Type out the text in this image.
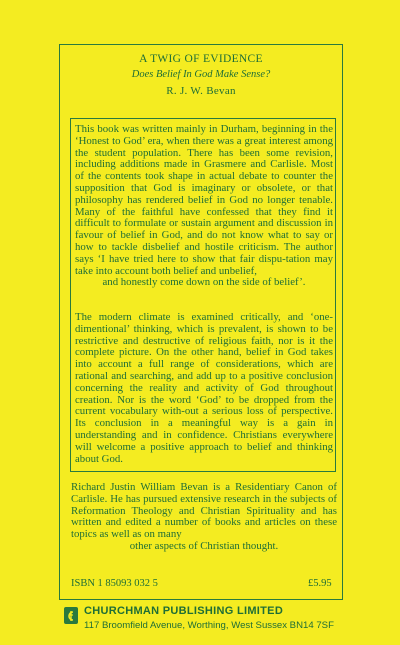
A TWIG OF EVIDENCE
Does Belief In God Make Sense?
R. J. W. Bevan

This book was written mainly in Durham, beginning in the ‘Honest to God’ era, when there was a great interest among the student population. There has been some revision, including additions made in Grasmere and Carlisle. Most of the contents took shape in actual debate to counter the supposition that God is imaginary or obsolete, or that philosophy has rendered belief in God no longer tenable. Many of the faithful have confessed that they find it difficult to formulate or sustain argument and discussion in favour of belief in God, and do not know what to say or how to tackle disbelief and hostile criticism. The author says ‘I have tried here to show that fair dispu-tation may take into account both belief and unbelief,
and honestly come down on the side of belief’.

The modern climate is examined critically, and ‘one-dimentional’ thinking, which is prevalent, is shown to be restrictive and destructive of religious faith, nor is it the complete picture. On the other hand, belief in God takes into account a full range of considerations, which are rational and searching, and add up to a positive conclusion concerning the reality and activity of God throughout creation. Nor is the word ‘God’ to be dropped from the current vocabulary with-out a serious loss of perspective. Its conclusion in a meaningful way is a gain in understanding and in confidence. Christians everywhere will welcome a positive approach to belief and thinking about God.

Richard Justin William Bevan is a Residentiary Canon of Carlisle. He has pursued extensive research in the subjects of Reformation Theology and Christian Spirituality and has written and edited a number of books and articles on these topics as well as on many
other aspects of Christian thought.

ISBN 1 85093 032 5	£5.95
CHURCHMAN PUBLISHING LIMITED
117 Broomfield Avenue, Worthing, West Sussex BN14 7SF
